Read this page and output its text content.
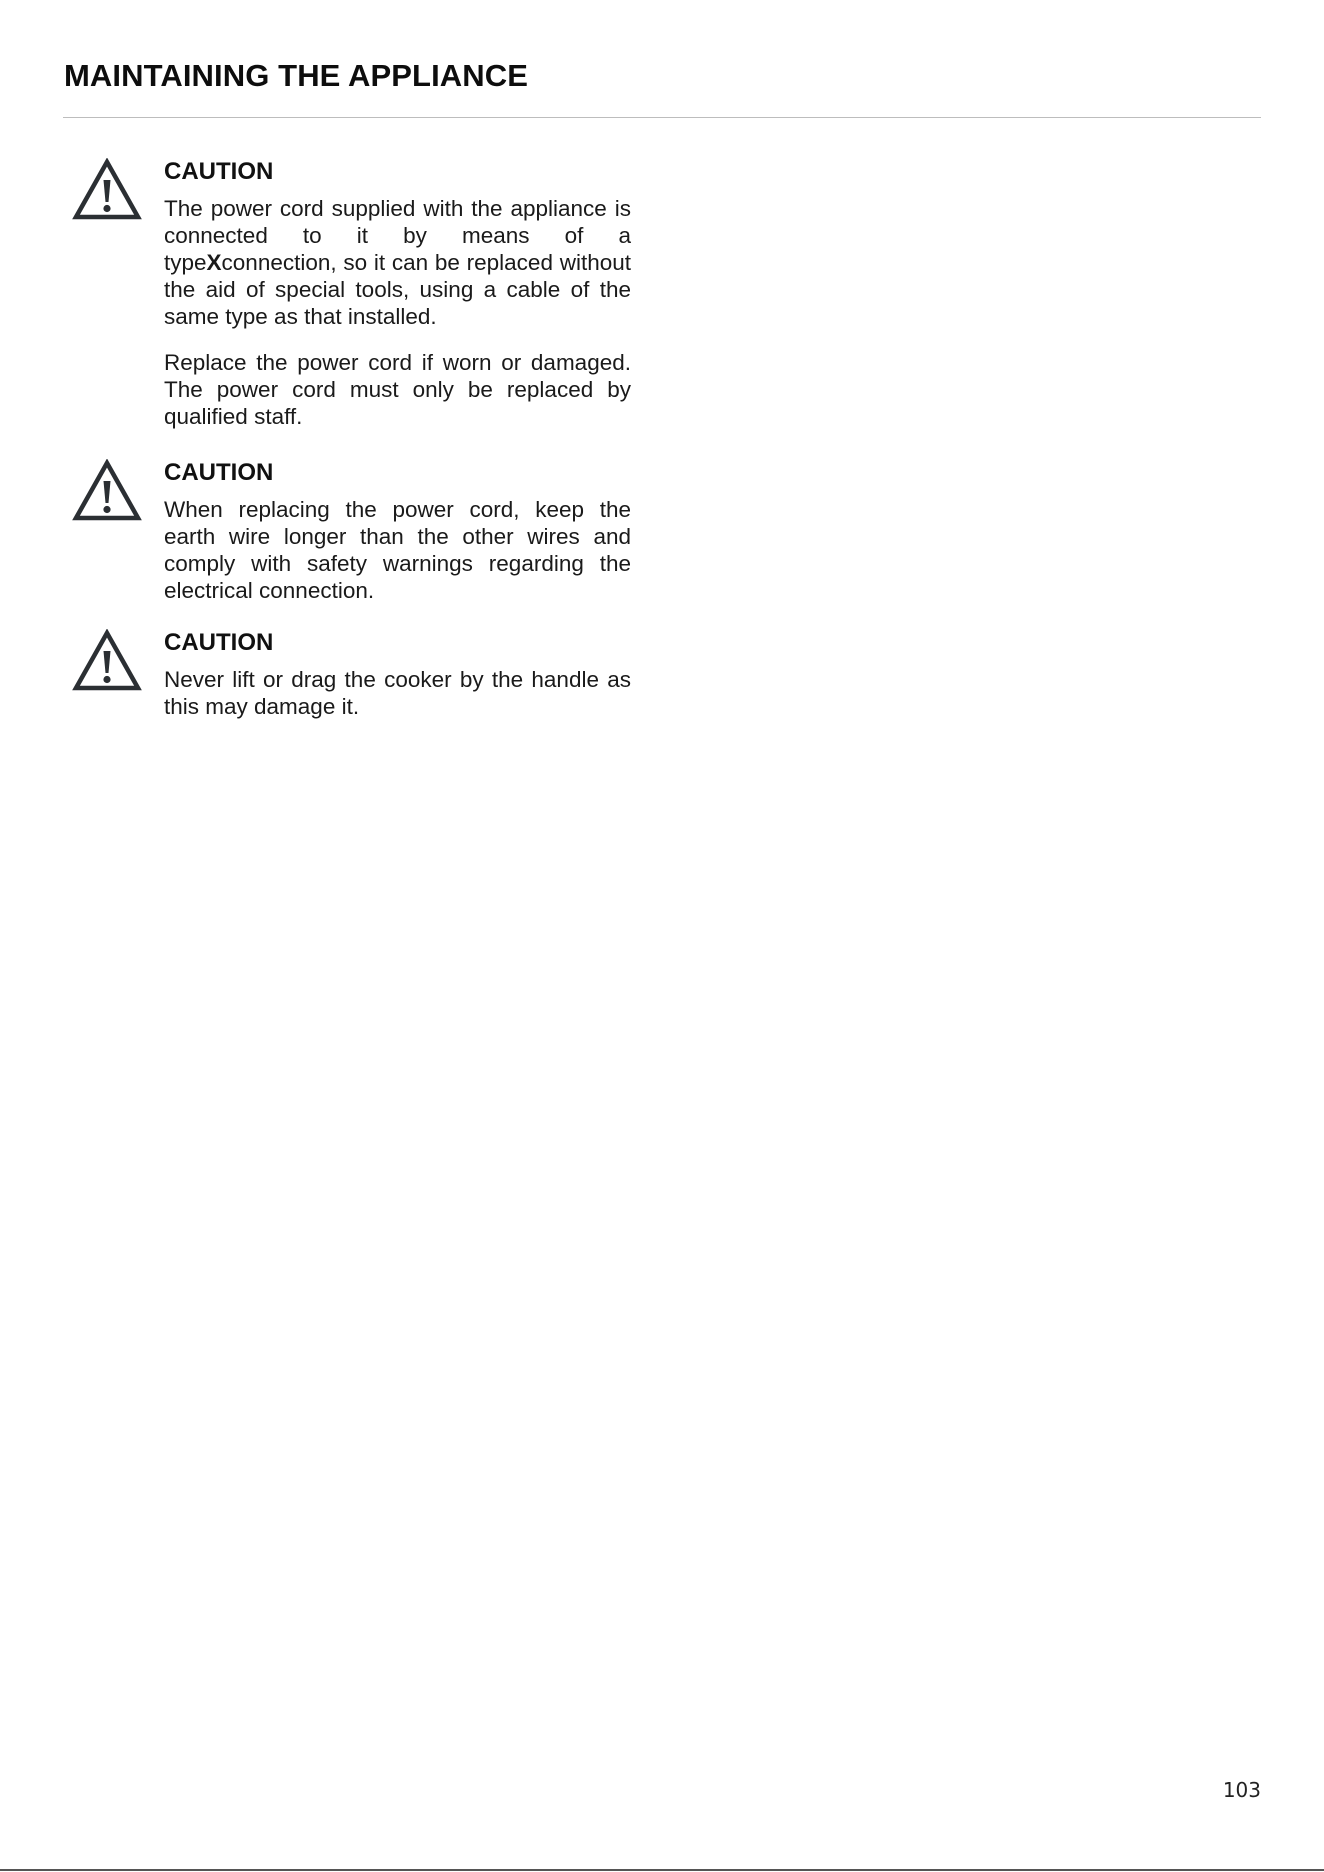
MAINTAINING THE APPLIANCE
CAUTION

The power cord supplied with the appliance is connected to it by means of a typeXconnection, so it can be replaced without the aid of special tools, using a cable of the same type as that installed.

Replace the power cord if worn or damaged. The power cord must only be replaced by qualified staff.

CAUTION

When replacing the power cord, keep the earth wire longer than the other wires and comply with safety warnings regarding the electrical connection.

CAUTION

Never lift or drag the cooker by the handle as this may damage it.

103
